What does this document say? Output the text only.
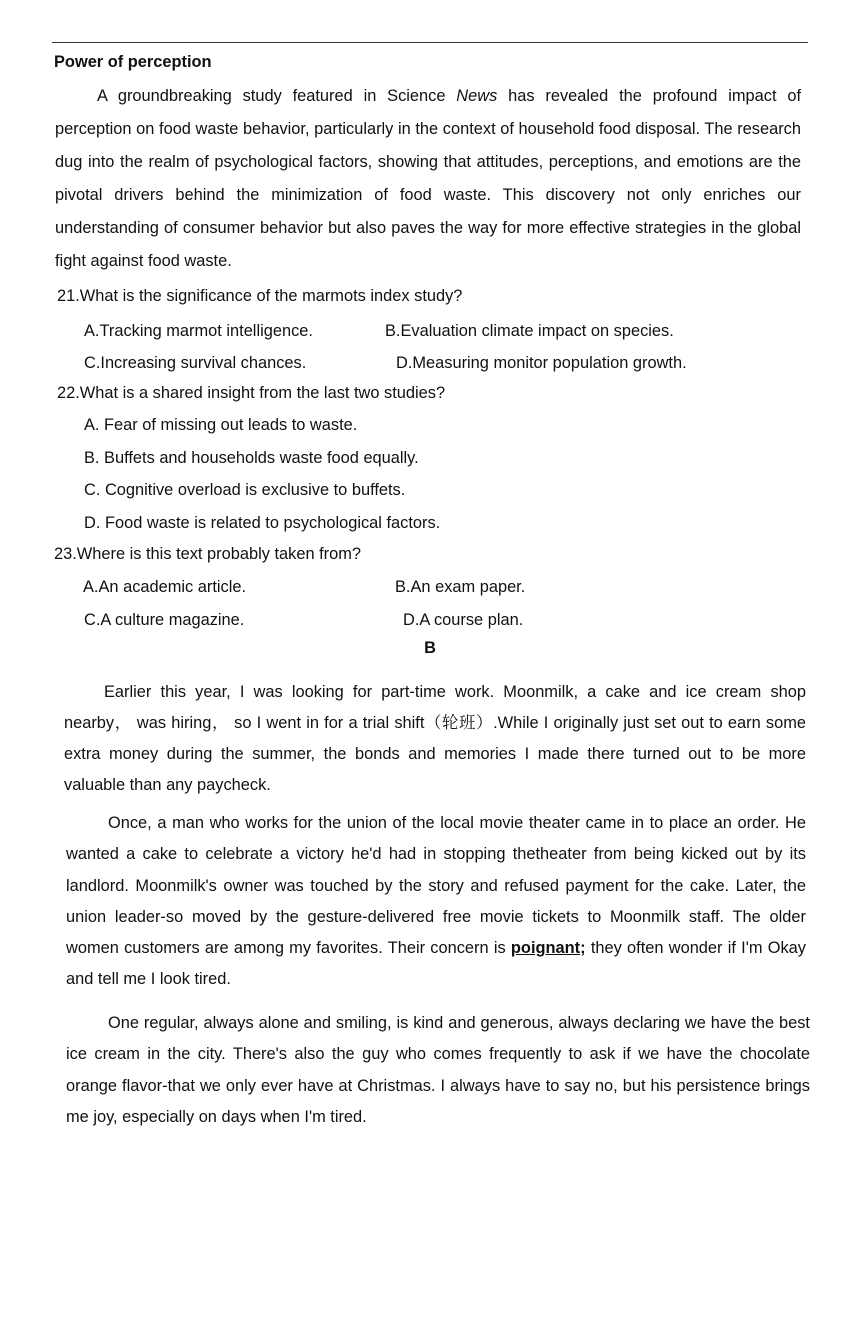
Power of perception
A groundbreaking study featured in Science News has revealed the profound impact of perception on food waste behavior, particularly in the context of household food disposal. The research dug into the realm of psychological factors, showing that attitudes, perceptions, and emotions are the pivotal drivers behind the minimization of food waste. This discovery not only enriches our understanding of consumer behavior but also paves the way for more effective strategies in the global fight against food waste.
21.What is the significance of the marmots index study?
A.Tracking marmot intelligence.	B.Evaluation climate impact on species.
C.Increasing survival chances.	D.Measuring monitor population growth.
22.What is a shared insight from the last two studies?
A. Fear of missing out leads to waste.
B. Buffets and households waste food equally.
C. Cognitive overload is exclusive to buffets.
D. Food waste is related to psychological factors.
23.Where is this text probably taken from?
A.An academic article.	B.An exam paper.
C.A culture magazine.	D.A course plan.
B
Earlier this year, I was looking for part-time work. Moonmilk, a cake and ice cream shop nearby， was hiring， so I went in for a trial shift（轮班）.While I originally just set out to earn some extra money during the summer, the bonds and memories I made there turned out to be more valuable than any paycheck.
Once, a man who works for the union of the local movie theater came in to place an order. He wanted a cake to celebrate a victory he'd had in stopping thetheater from being kicked out by its landlord. Moonmilk's owner was touched by the story and refused payment for the cake. Later, the union leader-so moved by the gesture-delivered free movie tickets to Moonmilk staff. The older women customers are among my favorites. Their concern is poignant; they often wonder if I'm Okay and tell me I look tired.
One regular, always alone and smiling, is kind and generous, always declaring we have the best ice cream in the city. There's also the guy who comes frequently to ask if we have the chocolate orange flavor-that we only ever have at Christmas. I always have to say no, but his persistence brings me joy, especially on days when I'm tired.
